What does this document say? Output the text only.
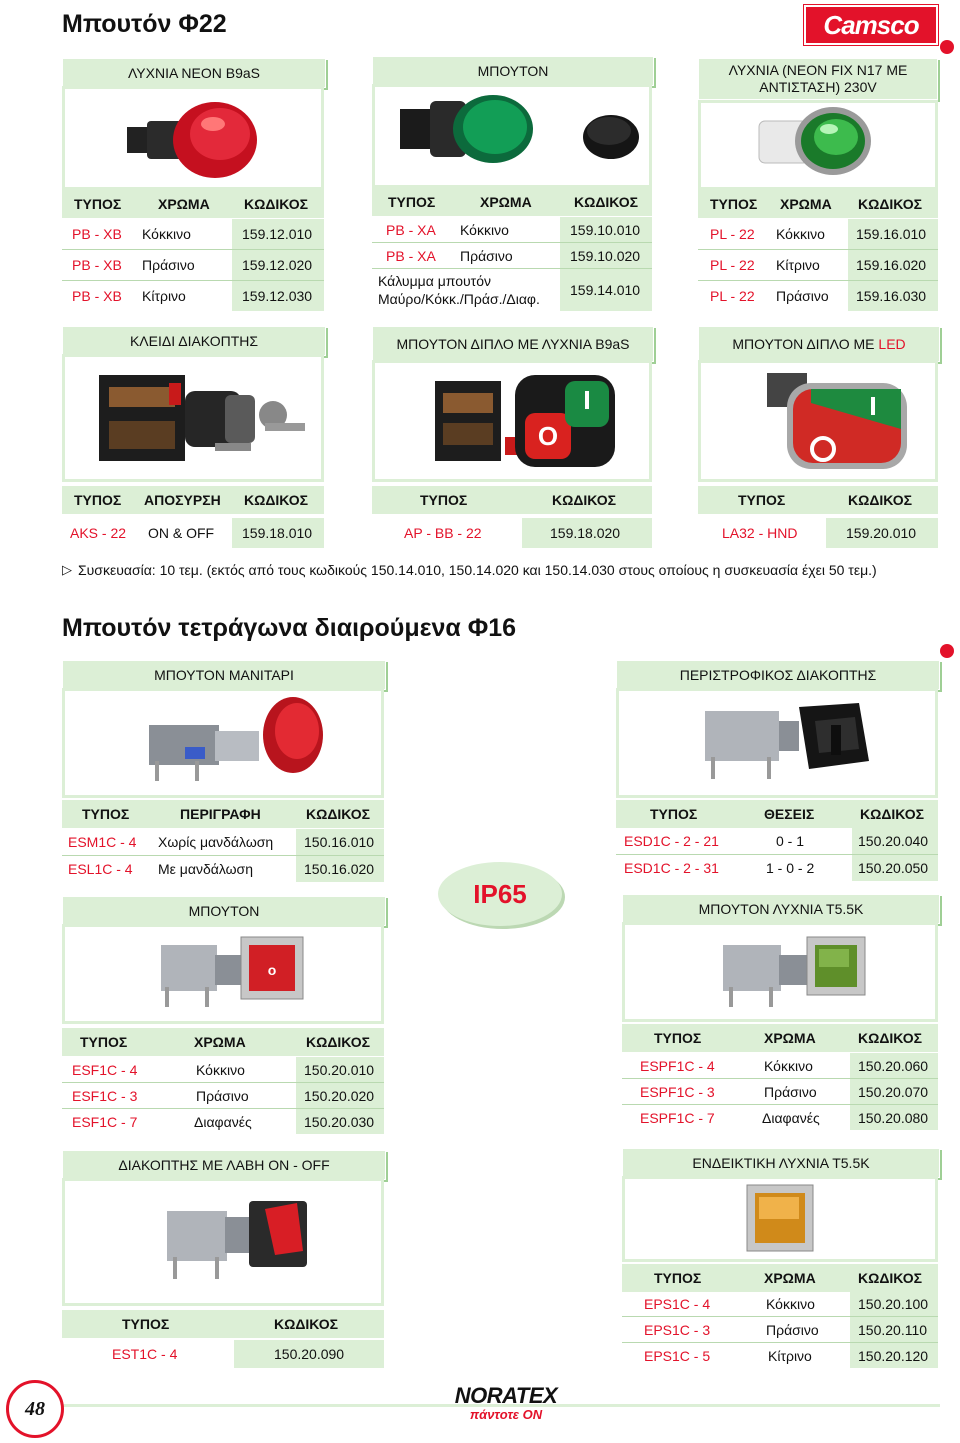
Μπουτόν Φ22	Camsco
ΛΥΧΝΙΑ NEON B9aS
ΤΥΠΟΣ	ΧΡΩΜΑ ΚΩΔΙΚΟΣ
PB - XB Κόκκινο	159.12.010
PB - XB Πράσινο	159.12.020
PB - XB Κίτρινο	159.12.030
ΜΠΟΥΤΟΝ
ΤΥΠΟΣ	ΧΡΩΜΑ	ΚΩΔΙΚΟΣ
PB - XA Κόκκινο	159.10.010
PB - XA Πράσινο	159.10.020
Κάλυμμα μπουτόν
Μαύρο/Κόκκ./Πράσ./Διαφ.
159.14.010
ΛΥΧΝΙΑ (NEON FIX N17 ME ΑΝΤΙΣΤΑΣΗ) 230V
ΤΥΠΟΣ ΧΡΩΜΑ ΚΩΔΙΚΟΣ
PL - 22 Κόκκινο 159.16.010
PL - 22 Κίτρινο	159.16.020
PL - 22 Πράσινο 159.16.030
ΚΛΕΙΔΙ ΔΙΑΚΟΠΤΗΣ
ΤΥΠΟΣ ΑΠΟΣΥΡΣΗ ΚΩΔΙΚΟΣ
AKS - 22 ON & OFF 159.18.010
ΜΠΟΥΤΟΝ ΔΙΠΛΟ ΜΕ ΛΥΧΝΙΑ B9aS
O
ΤΥΠΟΣ	ΚΩΔΙΚΟΣ
AP - BB - 22	159.18.020
ΜΠΟΥΤΟΝ ΔΙΠΛΟ ΜΕ
LED
ΤΥΠΟΣ	ΚΩΔΙΚΟΣ
LA32 - HND	159.20.010
▷ Συσκευασία: 10 τεμ. (εκτός από τους κωδικούς 150.14.010, 150.14.020 και 150.14.030 στους οποίους η συσκευασία έχει 50 τεμ.)
Μπουτόν τετράγωνα διαιρούμενα Φ16
ΜΠΟΥΤΟΝ ΜΑΝΙΤΑΡΙ
ΤΥΠΟΣ	ΠΕΡΙΓΡΑΦΗ	ΚΩΔΙΚΟΣ
ESM1C - 4 Χωρίς μανδάλωση 150.16.010
ESL1C - 4 Με μανδάλωση	150.16.020
IP65
ΠΕΡΙΣΤΡΟΦΙΚΟΣ ΔΙΑΚΟΠΤΗΣ
ΤΥΠΟΣ	ΘΕΣΕΙΣ	ΚΩΔΙΚΟΣ
ESD1C - 2 - 21	0 - 1	150.20.040
ESD1C - 2 - 31	1 - 0 - 2	150.20.050
ΜΠΟΥΤΟΝ
o
ΤΥΠΟΣ	ΧΡΩΜΑ	ΚΩΔΙΚΟΣ
ESF1C - 4	Κόκκινο	150.20.010
ESF1C - 3	Πράσινο	150.20.020
ESF1C - 7	Διαφανές	150.20.030
ΜΠΟΥΤΟΝ ΛΥΧΝΙΑ T5.5K
ΤΥΠΟΣ	ΧΡΩΜΑ	ΚΩΔΙΚΟΣ
ESPF1C - 4	Κόκκινο	150.20.060
ESPF1C - 3	Πράσινο	150.20.070
ESPF1C - 7	Διαφανές	150.20.080
ΔΙΑΚΟΠΤΗΣ ΜΕ ΛΑΒΗ ON - OFF
ΤΥΠΟΣ	ΚΩΔΙΚΟΣ
EST1C - 4	150.20.090
ΕΝΔΕΙΚΤΙΚΗ ΛΥΧΝΙΑ T5.5K
ΤΥΠΟΣ	ΧΡΩΜΑ	ΚΩΔΙΚΟΣ
EPS1C - 4	Κόκκινο	150.20.100
EPS1C - 3	Πράσινο	150.20.110
EPS1C - 5	Κίτρινο	150.20.120
48
NORATEX
πάντοτε ON
